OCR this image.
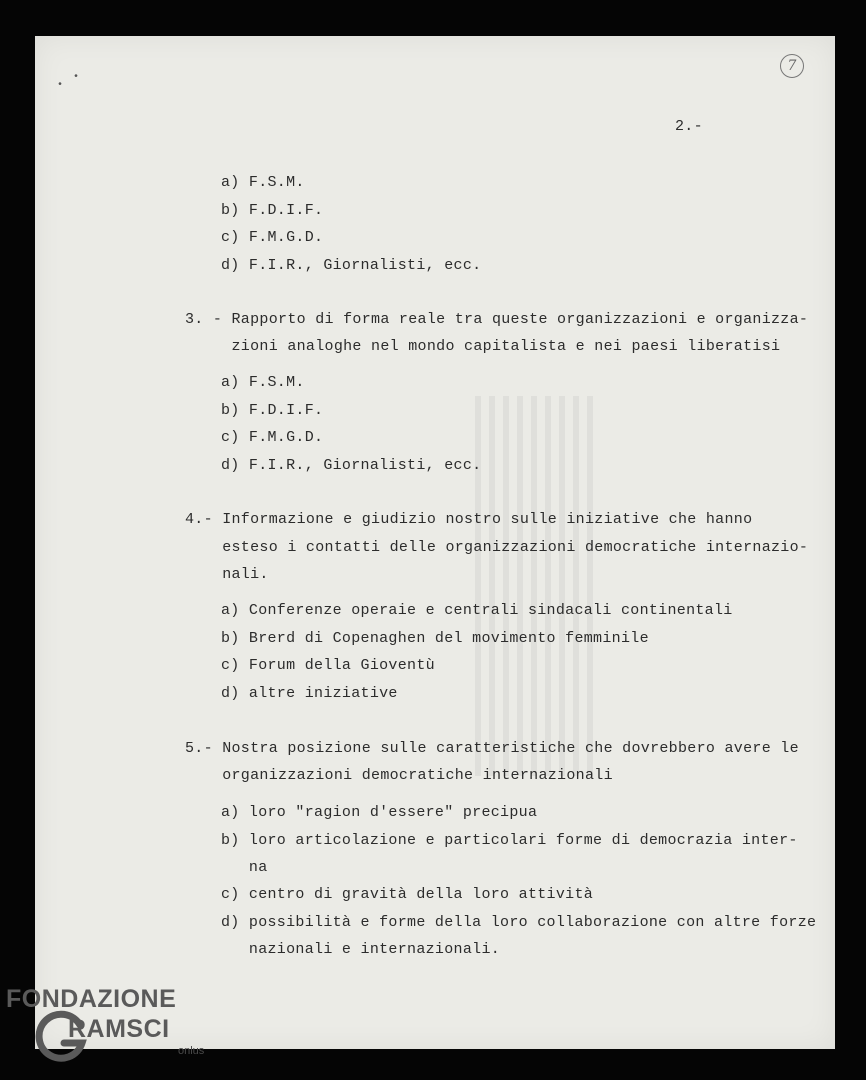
•
•
7
2.-
a) F.S.M.
b) F.D.I.F.
c) F.M.G.D.
d) F.I.R., Giornalisti, ecc.
3. - Rapporto di forma reale tra queste organizzazioni e organizza-
zioni analoghe nel mondo capitalista e nei paesi liberatisi
a) F.S.M.
b) F.D.I.F.
c) F.M.G.D.
d) F.I.R., Giornalisti, ecc.
4.- Informazione e giudizio nostro sulle iniziative che hanno
esteso i contatti delle organizzazioni democratiche internazio-
nali.
a) Conferenze operaie e centrali sindacali continentali
b) Brerd di Copenaghen del movimento femminile
c) Forum della Gioventù
d) altre iniziative
5.- Nostra posizione sulle caratteristiche che dovrebbero avere le
organizzazioni democratiche internazionali
a) loro "ragion d'essere" precipua
b) loro articolazione e particolari forme di democrazia inter-
na
c) centro di gravità della loro attività
d) possibilità e forme della loro collaborazione con altre forze
nazionali e internazionali.
FONDAZIONE
RAMSCI
onlus
